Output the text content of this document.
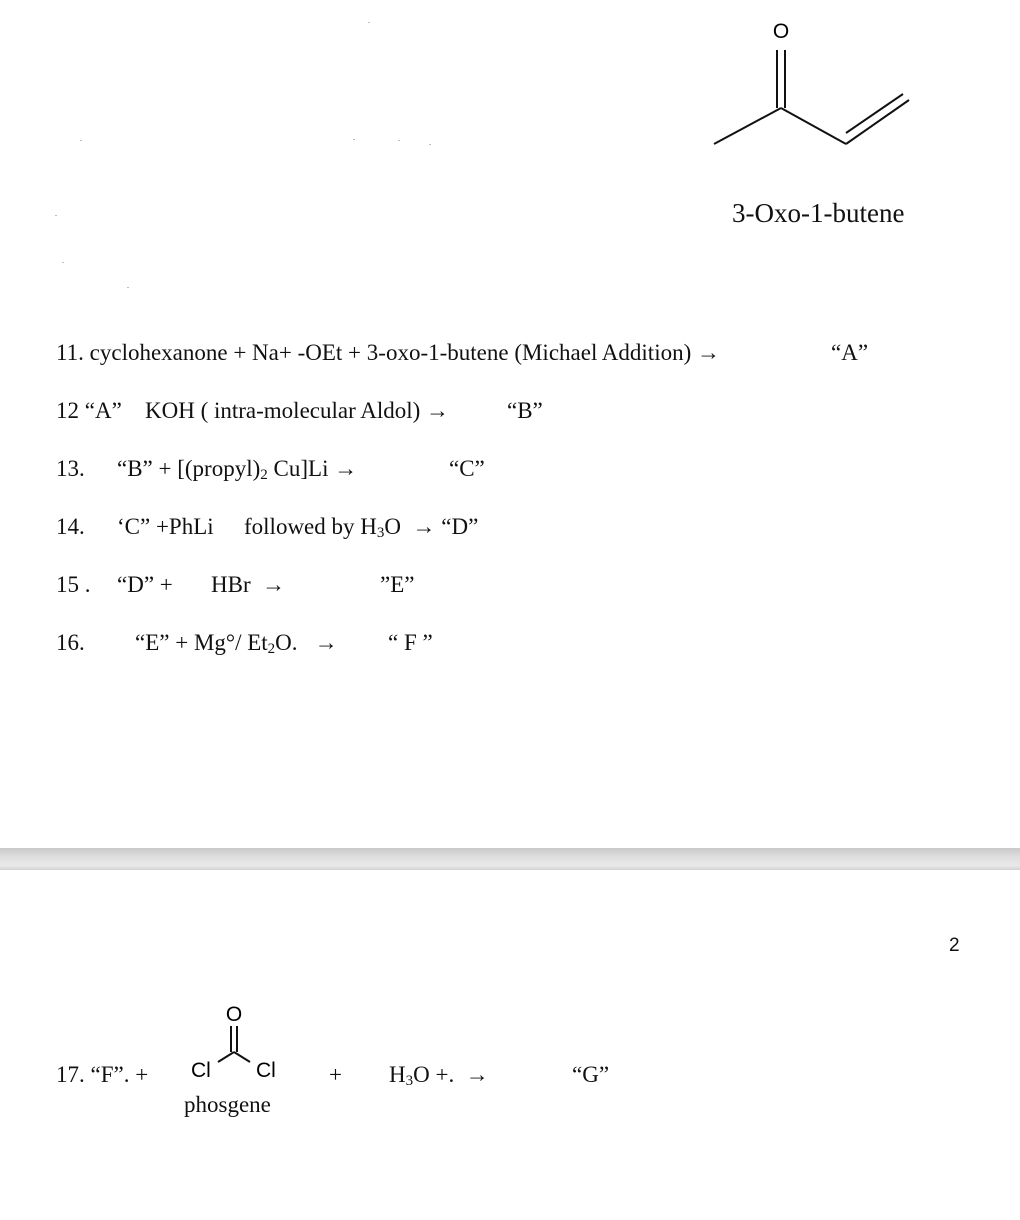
O
3-Oxo-1-butene
11. cyclohexanone + Na+ -OEt + 3-oxo-1-butene (Michael Addition) →	“A”
12 “A” KOH ( intra-molecular Aldol) →	“B”
13. “B” + [$(propyl)_2$ Cu]Li →	“C”
14. ‘C” +PhLi followed by $H_3O$ → “D”
15 . “D” + HBr →	”E”
16. “E” + Mg°/ $Et_2O$. → “ F ”
2
17. “F”. +
O
Cl Cl
phosgene
+ $H_3O$ +. →	“G”
